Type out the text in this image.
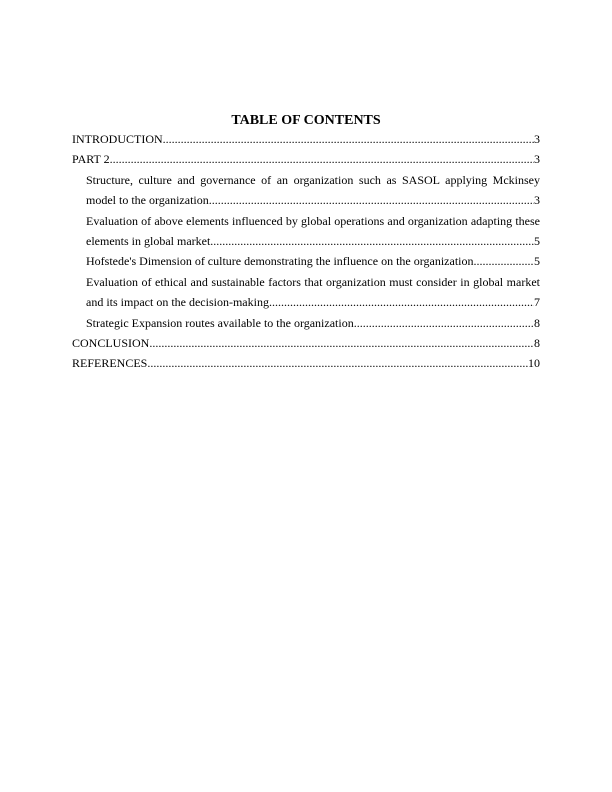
TABLE OF CONTENTS
INTRODUCTION .....	3
PART 2 .....	3
Structure, culture and governance of an organization such as SASOL applying Mckinsey
model to the organization .....	3
Evaluation of above elements influenced by global operations and organization adapting these
elements in global market .....	5
Hofstede's Dimension of culture demonstrating the influence on the organization .....	5
Evaluation of ethical and sustainable factors that organization must consider in global market
and its impact on the decision-making .....	7
Strategic Expansion routes available to the organization .....	8
CONCLUSION .....	8
REFERENCES .....	10
